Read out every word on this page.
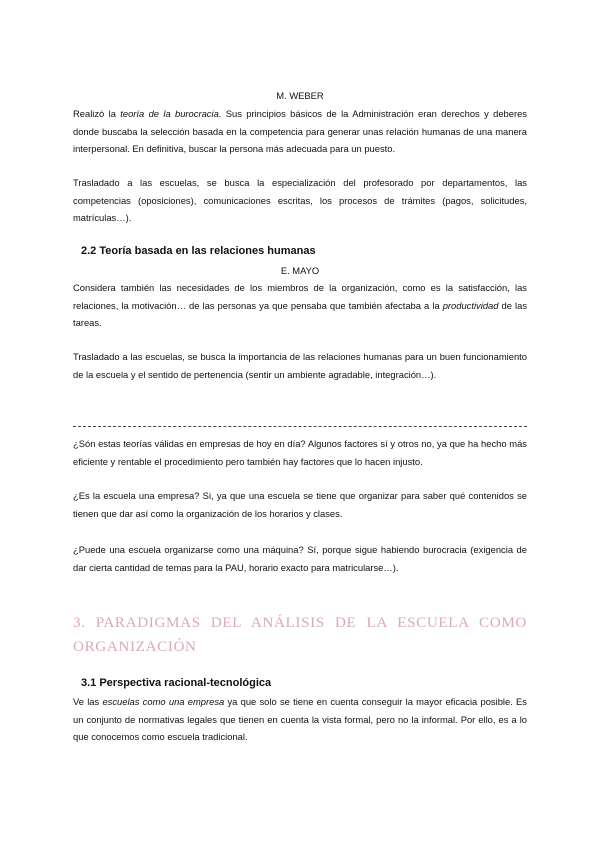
M. WEBER
Realizó la teoría de la burocracia. Sus principios básicos de la Administración eran derechos y deberes donde buscaba la selección basada en la competencia para generar unas relación humanas de una manera interpersonal. En definitiva, buscar la persona más adecuada para un puesto.
Trasladado a las escuelas, se busca la especialización del profesorado por departamentos, las competencias (oposiciones), comunicaciones escritas, los procesos de trámites (pagos, solicitudes, matrículas…).
2.2 Teoría basada en las relaciones humanas
E. MAYO
Considera también las necesidades de los miembros de la organización, como es la satisfacción, las relaciones, la motivación… de las personas ya que pensaba que también afectaba a la productividad de las tareas.
Trasladado a las escuelas, se busca la importancia de las relaciones humanas para un buen funcionamiento de la escuela y el sentido de pertenencia (sentir un ambiente agradable, integración…).
¿Són estas teorías válidas en empresas de hoy en día? Algunos factores sí y otros no, ya que ha hecho más eficiente y rentable el procedimiento pero también hay factores que lo hacen injusto.
¿Es la escuela una empresa? Si, ya que una escuela se tiene que organizar para saber qué contenidos se tienen que dar así como la organización de los horarios y clases.
¿Puede una escuela organizarse como una máquina? Sí, porque sigue habiendo burocracia (exigencia de dar cierta cantidad de temas para la PAU, horario exacto para matricularse…).
3. PARADIGMAS DEL ANÁLISIS DE LA ESCUELA COMO ORGANIZACIÓN
3.1 Perspectiva racional-tecnológica
Ve las escuelas como una empresa ya que solo se tiene en cuenta conseguir la mayor eficacia posible. Es un conjunto de normativas legales que tienen en cuenta la vista formal, pero no la informal. Por ello, es a lo que conocemos como escuela tradicional.
